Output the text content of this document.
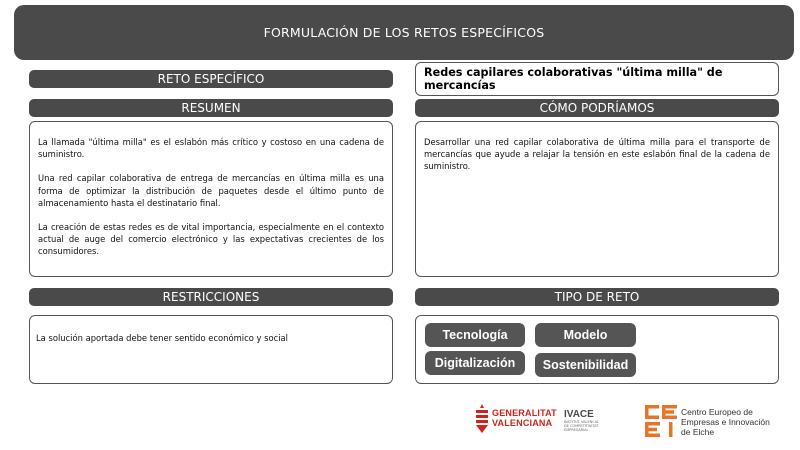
FORMULACIÓN DE LOS RETOS ESPECÍFICOS
RETO ESPECÍFICO	Redes capilares colaborativas "última milla" de mercancías
RESUMEN

La llamada "última milla" es el eslabón más crítico y costoso en una cadena de suministro.

Una red capilar colaborativa de entrega de mercancías en última milla es una forma de optimizar la distribución de paquetes desde el último punto de almacenamiento hasta el destinatario final.

La creación de estas redes es de vital importancia, especialmente en el contexto actual de auge del comercio electrónico y las expectativas crecientes de los consumidores.

CÓMO PODRÍAMOS
Desarrollar una red capilar colaborativa de última milla para el transporte de mercancías que ayude a relajar la tensión en este eslabón final de la cadena de suministro.
RESTRICCIONES
La solución aportada debe tener sentido económico y social
TIPO DE RETO
Tecnología	Modelo
Digitalización Sostenibilidad
GENERALITAT
VALENCIANA
IVACE
INSTITUT VALENCIÀ DE COMPETITIVITAT EMPRESARIAL
Centro Europeo de
Empresas e Innovación
de Elche
